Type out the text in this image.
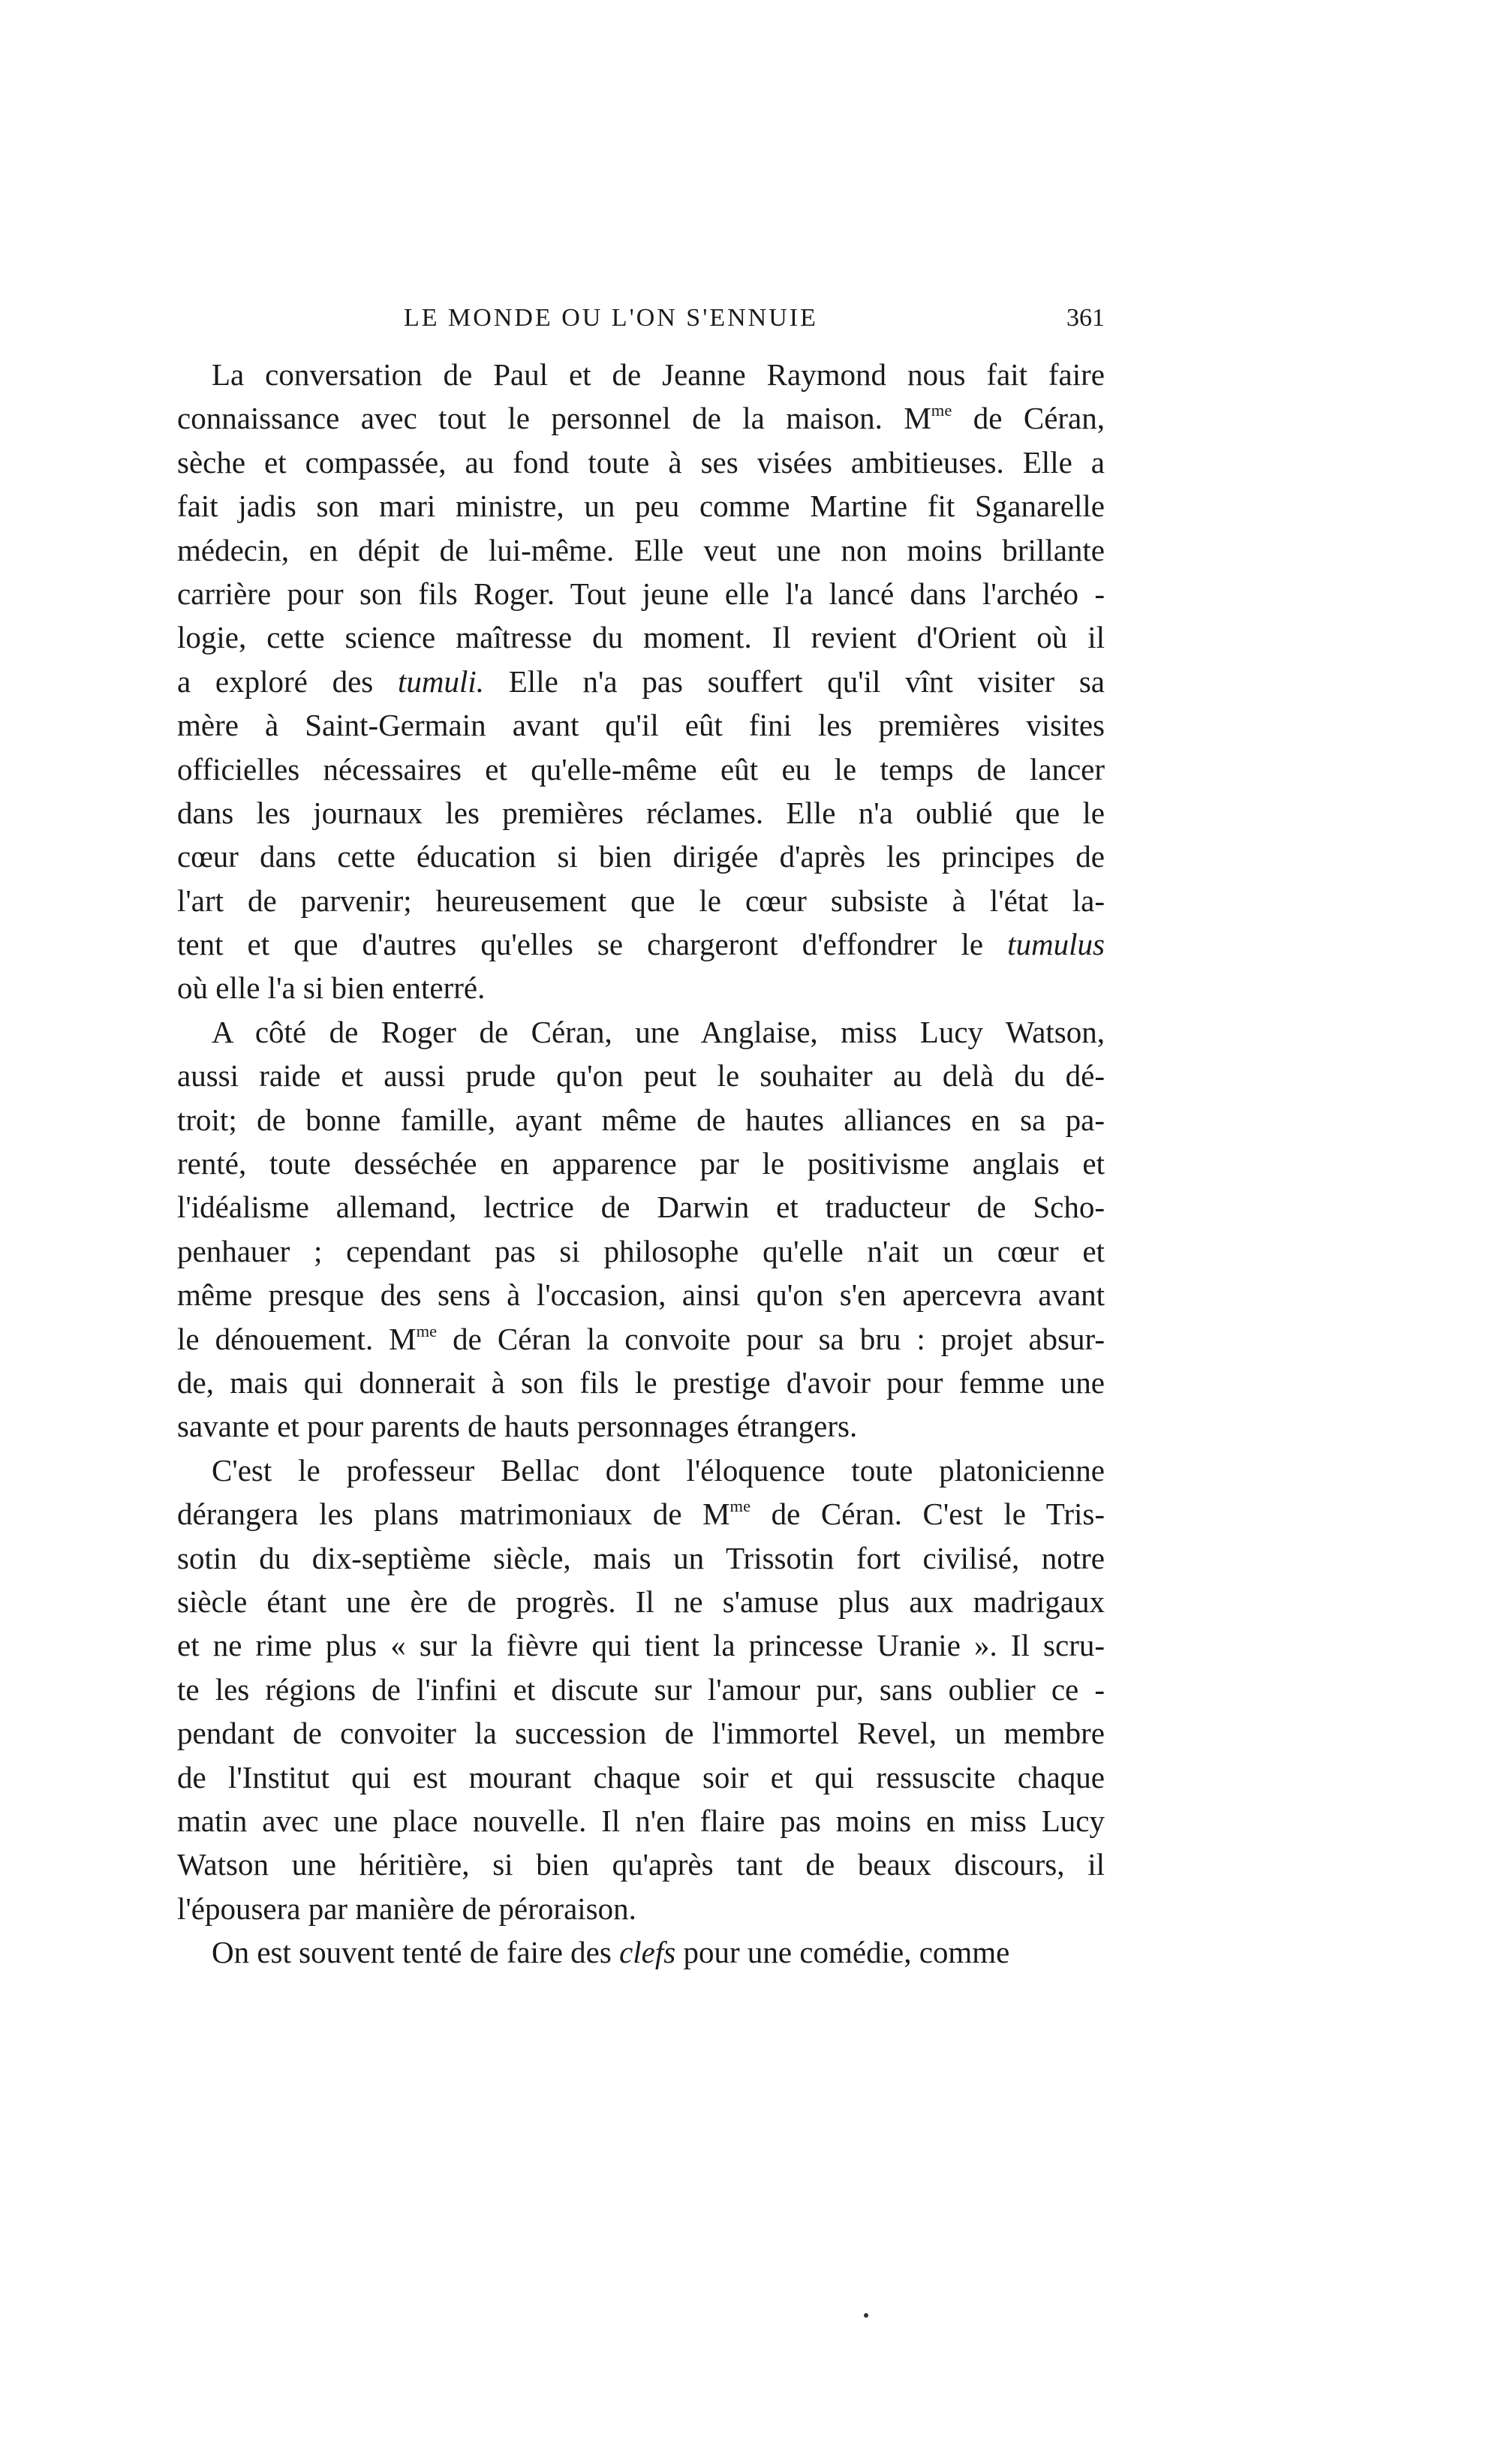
LE MONDE OU L'ON S'ENNUIE	361
La conversation de Paul et de Jeanne Raymond nous fait faire
connaissance avec tout le personnel de la maison. $M^{me}$ de Céran,
sèche et compassée, au fond toute à ses visées ambitieuses. Elle a
fait jadis son mari ministre, un peu comme Martine fit Sganarelle
médecin, en dépit de lui-même. Elle veut une non moins brillante
carrière pour son fils Roger. Tout jeune elle l'a lancé dans l'archéo -
logie, cette science maîtresse du moment. Il revient d'Orient où il
a exploré des tumuli. Elle n'a pas souffert qu'il vînt visiter sa
mère à Saint-Germain avant qu'il eût fini les premières visites
officielles nécessaires et qu'elle-même eût eu le temps de lancer
dans les journaux les premières réclames. Elle n'a oublié que le
cœur dans cette éducation si bien dirigée d'après les principes de
l'art de parvenir; heureusement que le cœur subsiste à l'état la-
tent et que d'autres qu'elles se chargeront d'effondrer le tumulus
où elle l'a si bien enterré.
A côté de Roger de Céran, une Anglaise, miss Lucy Watson,
aussi raide et aussi prude qu'on peut le souhaiter au delà du dé-
troit; de bonne famille, ayant même de hautes alliances en sa pa-
renté, toute desséchée en apparence par le positivisme anglais et
l'idéalisme allemand, lectrice de Darwin et traducteur de Scho-
penhauer ; cependant pas si philosophe qu'elle n'ait un cœur et
même presque des sens à l'occasion, ainsi qu'on s'en apercevra avant
le dénouement. $M^{me}$ de Céran la convoite pour sa bru : projet absur-
de, mais qui donnerait à son fils le prestige d'avoir pour femme une
savante et pour parents de hauts personnages étrangers.
C'est le professeur Bellac dont l'éloquence toute platonicienne
dérangera les plans matrimoniaux de $M^{me}$ de Céran. C'est le Tris-
sotin du dix-septième siècle, mais un Trissotin fort civilisé, notre
siècle étant une ère de progrès. Il ne s'amuse plus aux madrigaux
et ne rime plus « sur la fièvre qui tient la princesse Uranie ». Il scru-
te les régions de l'infini et discute sur l'amour pur, sans oublier ce -
pendant de convoiter la succession de l'immortel Revel, un membre
de l'Institut qui est mourant chaque soir et qui ressuscite chaque
matin avec une place nouvelle. Il n'en flaire pas moins en miss Lucy
Watson une héritière, si bien qu'après tant de beaux discours, il
l'épousera par manière de péroraison.
On est souvent tenté de faire des clefs pour une comédie, comme
